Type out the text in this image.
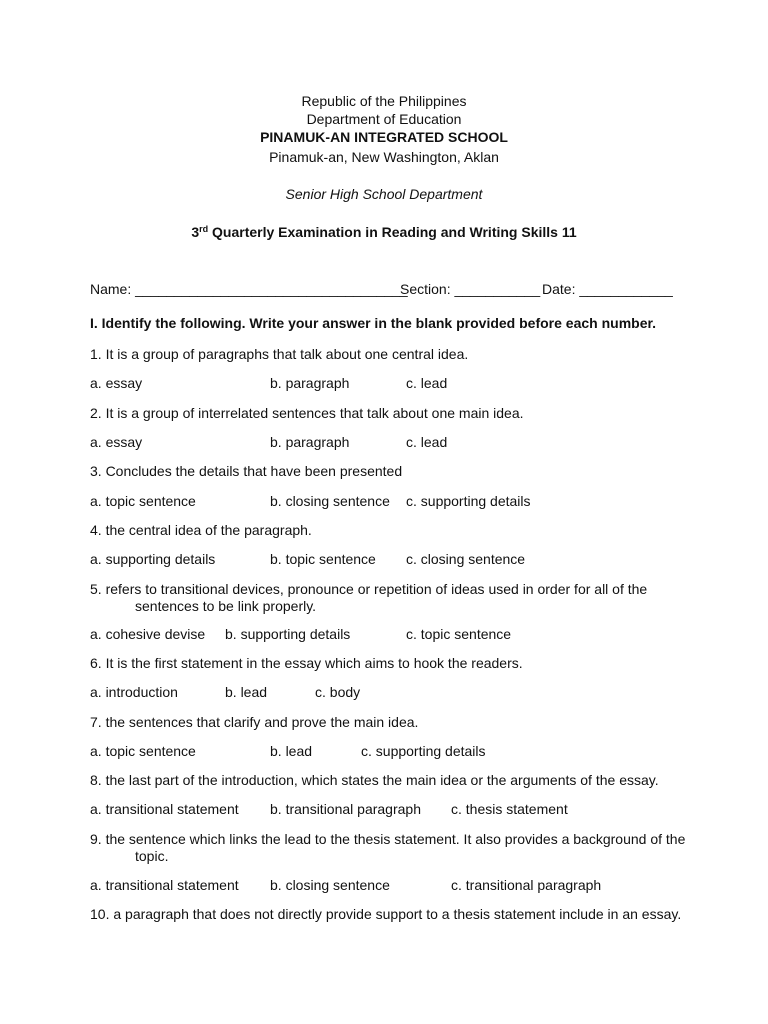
Republic of the Philippines
Department of Education
PINAMUK-AN INTEGRATED SCHOOL
Pinamuk-an, New Washington, Aklan
Senior High School Department
3rd Quarterly Examination in Reading and Writing Skills 11
Name: ___________________________________
Section: ___________ Date: ____________
I. Identify the following. Write your answer in the blank provided before each number.
1. It is a group of paragraphs that talk about one central idea.
a. essay	b. paragraph	c. lead
2. It is a group of interrelated sentences that talk about one main idea.
a. essay	b. paragraph	c. lead
3. Concludes the details that have been presented
a. topic sentence	b. closing sentence c. supporting details
4. the central idea of the paragraph.
a. supporting details	b. topic sentence c. closing sentence
5. refers to transitional devices, pronounce or repetition of ideas used in order for all of the
sentences to be link properly.
a. cohesive devise b. supporting details	c. topic sentence
6. It is the first statement in the essay which aims to hook the readers.
a. introduction	b. lead	c. body
7. the sentences that clarify and prove the main idea.
a. topic sentence	b. lead	c. supporting details
8. the last part of the introduction, which states the main idea or the arguments of the essay.
a. transitional statement b. transitional paragraph c. thesis statement
9. the sentence which links the lead to the thesis statement. It also provides a background of the
topic.
a. transitional statement b. closing sentence	c. transitional paragraph
10. a paragraph that does not directly provide support to a thesis statement include in an essay.
